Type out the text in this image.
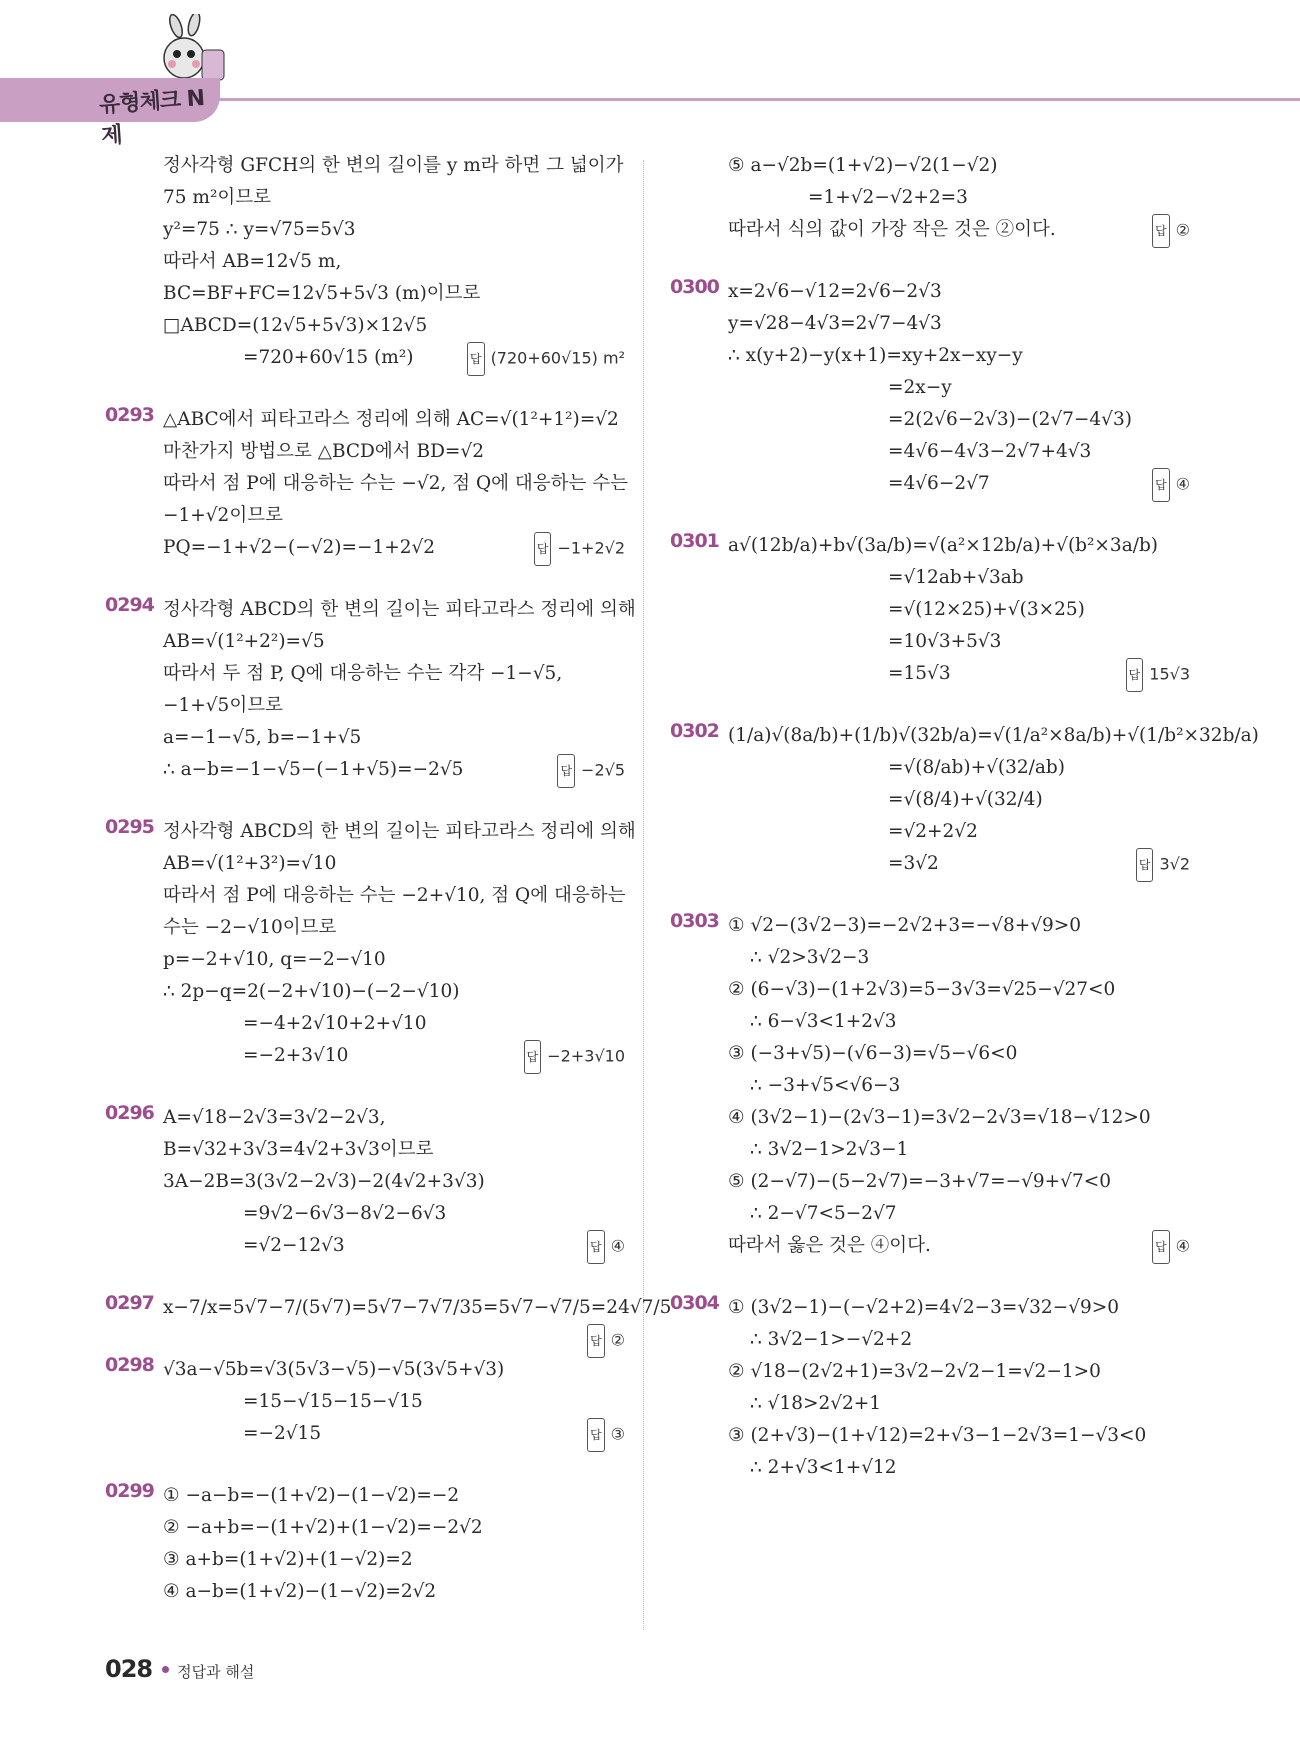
유형체크 N제
정사각형 GFCH의 한 변의 길이를 y m라 하면 그 넓이가
75 m²이므로
y²=75 ∴ y=√75=5√3
따라서 AB=12√5 m,
BC=BF+FC=12√5+5√3 (m)이므로
□ABCD=(12√5+5√3)×12√5
=720+60√15 (m²)	답 (720+60√15) m²
0293 △ABC에서 피타고라스 정리에 의해 AC=√(1²+1²)=√2
마찬가지 방법으로 △BCD에서 BD=√2
따라서 점 P에 대응하는 수는 −√2, 점 Q에 대응하는 수는
−1+√2이므로
PQ=−1+√2−(−√2)=−1+2√2	답 −1+2√2
0294 정사각형 ABCD의 한 변의 길이는 피타고라스 정리에 의해
AB=√(1²+2²)=√5
따라서 두 점 P, Q에 대응하는 수는 각각 −1−√5,
−1+√5이므로
a=−1−√5, b=−1+√5
∴ a−b=−1−√5−(−1+√5)=−2√5	답 −2√5
0295 정사각형 ABCD의 한 변의 길이는 피타고라스 정리에 의해
AB=√(1²+3²)=√10
따라서 점 P에 대응하는 수는 −2+√10, 점 Q에 대응하는
수는 −2−√10이므로
p=−2+√10, q=−2−√10
∴ 2p−q=2(−2+√10)−(−2−√10)
=−4+2√10+2+√10
=−2+3√10	답 −2+3√10
0296 A=√18−2√3=3√2−2√3,
B=√32+3√3=4√2+3√3이므로
3A−2B=3(3√2−2√3)−2(4√2+3√3)
=9√2−6√3−8√2−6√3
=√2−12√3	답 ④
0297 x−7/x=5√7−7/(5√7)=5√7−7√7/35=5√7−√7/5=24√7/5
답 ②
0298 √3a−√5b=√3(5√3−√5)−√5(3√5+√3)
=15−√15−15−√15
=−2√15	답 ③
0299 ① −a−b=−(1+√2)−(1−√2)=−2
② −a+b=−(1+√2)+(1−√2)=−2√2
③ a+b=(1+√2)+(1−√2)=2
④ a−b=(1+√2)−(1−√2)=2√2
⑤ a−√2b=(1+√2)−√2(1−√2)
=1+√2−√2+2=3
따라서 식의 값이 가장 작은 것은 ②이다.	답 ②
0300 x=2√6−√12=2√6−2√3
y=√28−4√3=2√7−4√3
∴ x(y+2)−y(x+1)=xy+2x−xy−y
=2x−y
=2(2√6−2√3)−(2√7−4√3)
=4√6−4√3−2√7+4√3
=4√6−2√7	답 ④
0301 a√(12b/a)+b√(3a/b)=√(a²×12b/a)+√(b²×3a/b)
=√12ab+√3ab
=√(12×25)+√(3×25)
=10√3+5√3
=15√3	답 15√3
0302 (1/a)√(8a/b)+(1/b)√(32b/a)=√(1/a²×8a/b)+√(1/b²×32b/a)
=√(8/ab)+√(32/ab)
=√(8/4)+√(32/4)
=√2+2√2
=3√2	답 3√2
0303 ① √2−(3√2−3)=−2√2+3=−√8+√9>0
∴ √2>3√2−3
② (6−√3)−(1+2√3)=5−3√3=√25−√27<0
∴ 6−√3<1+2√3
③ (−3+√5)−(√6−3)=√5−√6<0
∴ −3+√5<√6−3
④ (3√2−1)−(2√3−1)=3√2−2√3=√18−√12>0
∴ 3√2−1>2√3−1
⑤ (2−√7)−(5−2√7)=−3+√7=−√9+√7<0
∴ 2−√7<5−2√7
따라서 옳은 것은 ④이다.	답 ④
0304 ① (3√2−1)−(−√2+2)=4√2−3=√32−√9>0
∴ 3√2−1>−√2+2
② √18−(2√2+1)=3√2−2√2−1=√2−1>0
∴ √18>2√2+1
③ (2+√3)−(1+√12)=2+√3−1−2√3=1−√3<0
∴ 2+√3<1+√12
028 정답과 해설
